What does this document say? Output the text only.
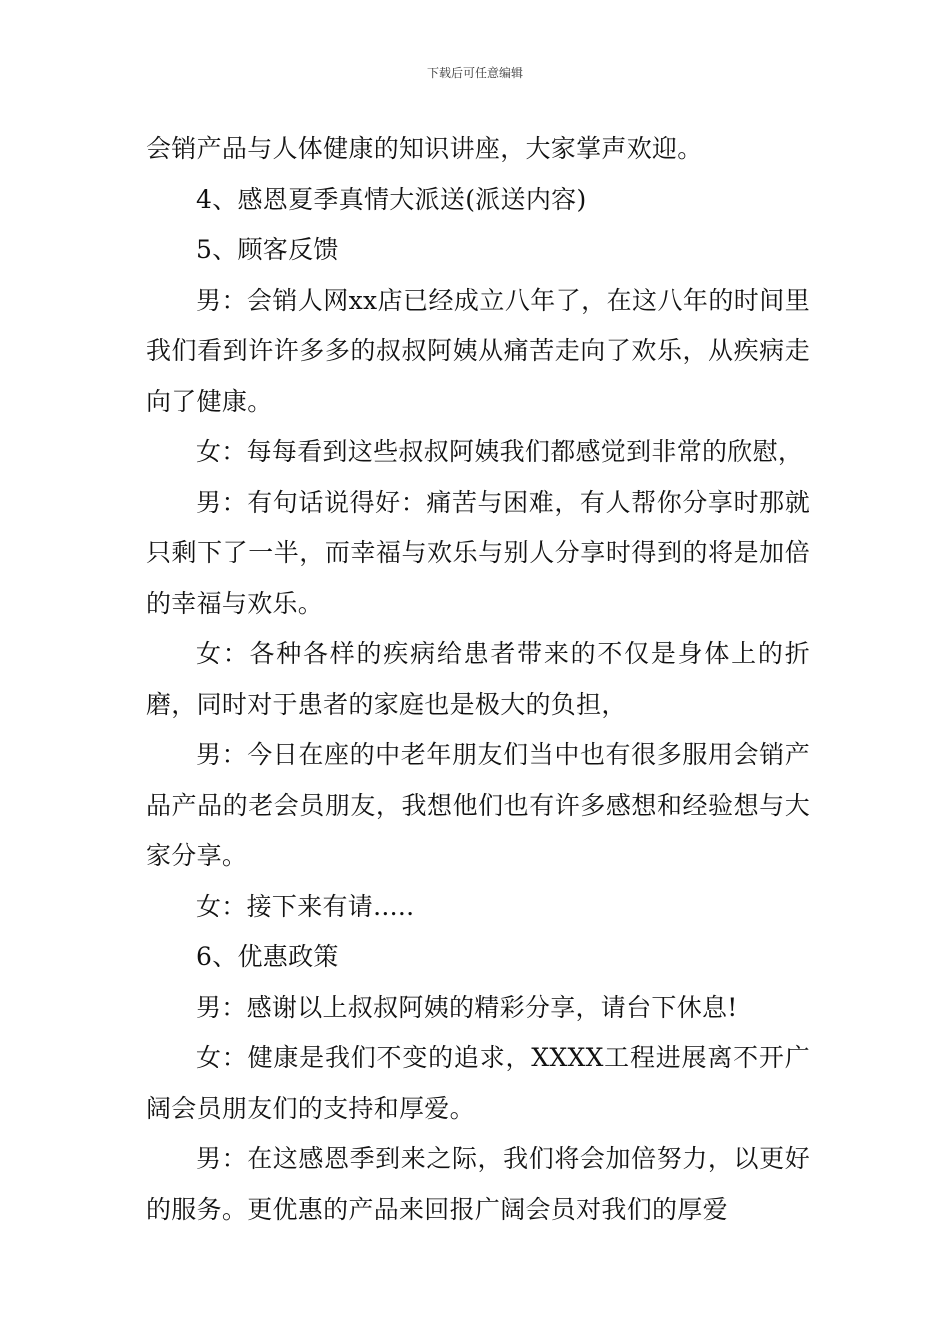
下载后可任意编辑

会销产品与人体健康的知识讲座，大家掌声欢迎。

4、感恩夏季真情大派送(派送内容)

5、顾客反馈

男：会销人网xx店已经成立八年了，在这八年的时间里我们看到许许多多的叔叔阿姨从痛苦走向了欢乐，从疾病走向了健康。

女：每每看到这些叔叔阿姨我们都感觉到非常的欣慰，

男：有句话说得好：痛苦与困难，有人帮你分享时那就只剩下了一半，而幸福与欢乐与别人分享时得到的将是加倍的幸福与欢乐。

女：各种各样的疾病给患者带来的不仅是身体上的折磨，同时对于患者的家庭也是极大的负担，

男：今日在座的中老年朋友们当中也有很多服用会销产品产品的老会员朋友，我想他们也有许多感想和经验想与大家分享。

女：接下来有请.....

6、优惠政策

男：感谢以上叔叔阿姨的精彩分享，请台下休息!

女：健康是我们不变的追求，XXXX工程进展离不开广阔会员朋友们的支持和厚爱。

男：在这感恩季到来之际，我们将会加倍努力，以更好的服务。更优惠的产品来回报广阔会员对我们的厚爱
